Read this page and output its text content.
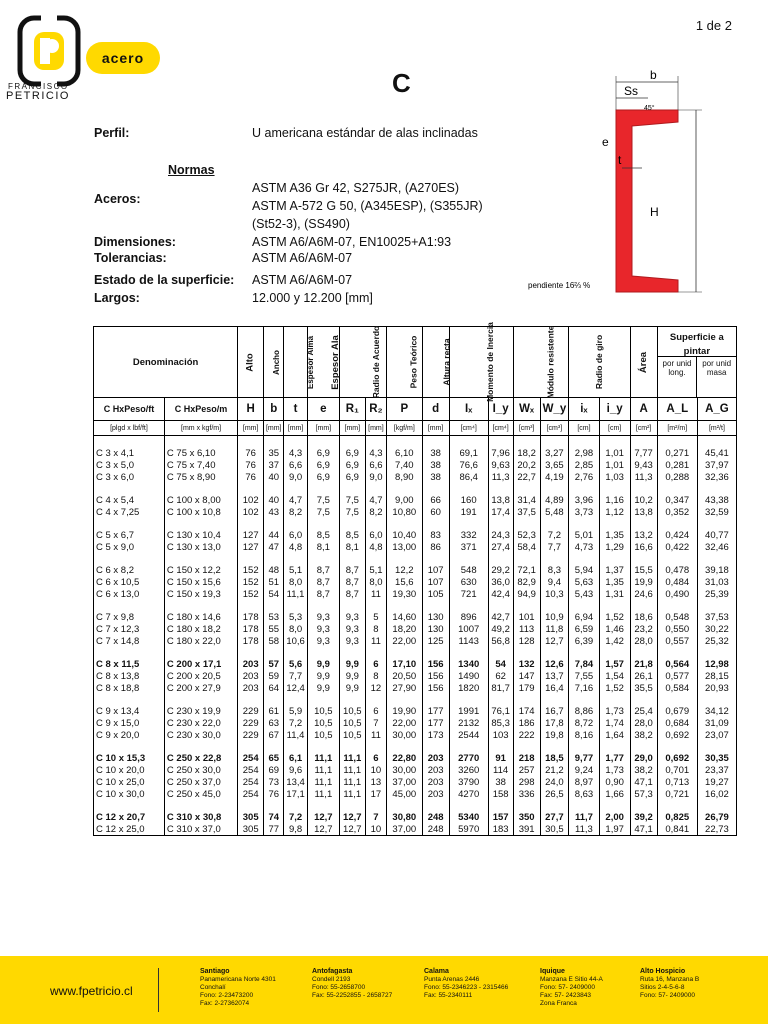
1 de 2
FRANCISCO
PETRICIO
acero
C
Perfil:	U americana estándar de alas inclinadas
Normas
Aceros:
ASTM A36 Gr 42, S275JR, (A270ES)
ASTM A-572 G 50, (A345ESP), (S355JR)
(St52-3), (SS490)
Dimensiones:	ASTM A6/A6M-07, EN10025+A1:93
Tolerancias:	ASTM A6/A6M-07
Estado de la superficie: ASTM A6/A6M-07
Largos:	12.000 y 12.200 [mm]
b
Ss
45°
e
t
H
pendiente 16⅔ %
Denominación		Alto	Ancho	Espesor Alma	Espesor Ala	Radio de Acuerdo		Peso Teórico	Altura recta	Momento de Inercia		Módulo resistente		Radio de giro		Área	Superficie a pintar
por unid long.
por unid masa	

C HxPeso/ft	C HxPeso/m	H	b	t	e	R₁	R₂	P	d	Iₓ	I_y	Wₓ	W_y	iₓ	i_y	A	A_L	A_G
[plgd x lbf/ft]	[mm x kgf/m]	[mm]	[mm]	[mm]	[mm]	[mm]	[mm]	[kgf/m]	[mm]	[cm⁴]	[cm⁴]	[cm³]	[cm³]	[cm]	[cm]	[cm²]	[m²/m]	[m²/t]

C 3 x 4,1	C 75 x 6,10	76	35	4,3	6,9	6,9	4,3	6,10	38	69,1	7,96	18,2	3,27	2,98	1,01	7,77	0,271	45,41
C 3 x 5,0	C 75 x 7,40	76	37	6,6	6,9	6,9	6,6	7,40	38	76,6	9,63	20,2	3,65	2,85	1,01	9,43	0,281	37,97
C 3 x 6,0	C 75 x 8,90	76	40	9,0	6,9	6,9	9,0	8,90	38	86,4	11,3	22,7	4,19	2,76	1,03	11,3	0,288	32,36

C 4 x 5,4	C 100 x 8,00	102	40	4,7	7,5	7,5	4,7	9,00	66	160	13,8	31,4	4,89	3,96	1,16	10,2	0,347	43,38
C 4 x 7,25	C 100 x 10,8	102	43	8,2	7,5	7,5	8,2	10,80	60	191	17,4	37,5	5,48	3,73	1,12	13,8	0,352	32,59

C 5 x 6,7	C 130 x 10,4	127	44	6,0	8,5	8,5	6,0	10,40	83	332	24,3	52,3	7,2	5,01	1,35	13,2	0,424	40,77
C 5 x 9,0	C 130 x 13,0	127	47	4,8	8,1	8,1	4,8	13,00	86	371	27,4	58,4	7,7	4,73	1,29	16,6	0,422	32,46

C 6 x 8,2	C 150 x 12,2	152	48	5,1	8,7	8,7	5,1	12,2	107	548	29,2	72,1	8,3	5,94	1,37	15,5	0,478	39,18
C 6 x 10,5	C 150 x 15,6	152	51	8,0	8,7	8,7	8,0	15,6	107	630	36,0	82,9	9,4	5,63	1,35	19,9	0,484	31,03
C 6 x 13,0	C 150 x 19,3	152	54	11,1	8,7	8,7	11	19,30	105	721	42,4	94,9	10,3	5,43	1,31	24,6	0,490	25,39

C 7 x 9,8	C 180 x 14,6	178	53	5,3	9,3	9,3	5	14,60	130	896	42,7	101	10,9	6,94	1,52	18,6	0,548	37,53
C 7 x 12,3	C 180 x 18,2	178	55	8,0	9,3	9,3	8	18,20	130	1007	49,2	113	11,8	6,59	1,46	23,2	0,550	30,22
C 7 x 14,8	C 180 x 22,0	178	58	10,6	9,3	9,3	11	22,00	125	1143	56,8	128	12,7	6,39	1,42	28,0	0,557	25,32

C 8 x 11,5	C 200 x 17,1	203	57	5,6	9,9	9,9	6	17,10	156	1340	54	132	12,6	7,84	1,57	21,8	0,564	12,98
C 8 x 13,8	C 200 x 20,5	203	59	7,7	9,9	9,9	8	20,50	156	1490	62	147	13,7	7,55	1,54	26,1	0,577	28,15
C 8 x 18,8	C 200 x 27,9	203	64	12,4	9,9	9,9	12	27,90	156	1820	81,7	179	16,4	7,16	1,52	35,5	0,584	20,93

C 9 x 13,4	C 230 x 19,9	229	61	5,9	10,5	10,5	6	19,90	177	1991	76,1	174	16,7	8,86	1,73	25,4	0,679	34,12
C 9 x 15,0	C 230 x 22,0	229	63	7,2	10,5	10,5	7	22,00	177	2132	85,3	186	17,8	8,72	1,74	28,0	0,684	31,09
C 9 x 20,0	C 230 x 30,0	229	67	11,4	10,5	10,5	11	30,00	173	2544	103	222	19,8	8,16	1,64	38,2	0,692	23,07

C 10 x 15,3	C 250 x 22,8	254	65	6,1	11,1	11,1	6	22,80	203	2770	91	218	18,5	9,77	1,77	29,0	0,692	30,35
C 10 x 20,0	C 250 x 30,0	254	69	9,6	11,1	11,1	10	30,00	203	3260	114	257	21,2	9,24	1,73	38,2	0,701	23,37
C 10 x 25,0	C 250 x 37,0	254	73	13,4	11,1	11,1	13	37,00	203	3790	38	298	24,0	8,97	0,90	47,1	0,713	19,27
C 10 x 30,0	C 250 x 45,0	254	76	17,1	11,1	11,1	17	45,00	203	4270	158	336	26,5	8,63	1,66	57,3	0,721	16,02

C 12 x 20,7	C 310 x 30,8	305	74	7,2	12,7	12,7	7	30,80	248	5340	157	350	27,7	11,7	2,00	39,2	0,825	26,79
C 12 x 25,0	C 310 x 37,0	305	77	9,8	12,7	12,7	10	37,00	248	5970	183	391	30,5	11,3	1,97	47,1	0,841	22,73
www.fpetricio.cl
Santiago
Panamericana Norte 4301
Conchalí
Fono: 2-23473200
Fax: 2-27362074
Antofagasta
Condell 2193
Fono: 55-2658700
Fax: 55-2252855 - 2658727
Calama
Punta Arenas 2446
Fono: 55-2346223 - 2315466
Fax: 55-2340111
Iquique
Manzana E Sitio 44-A
Fono: 57- 2409000
Fax: 57- 2423843
Zona Franca
Alto Hospicio
Ruta 16, Manzana B
Sitios 2-4-5-6-8
Fono: 57- 2409000
